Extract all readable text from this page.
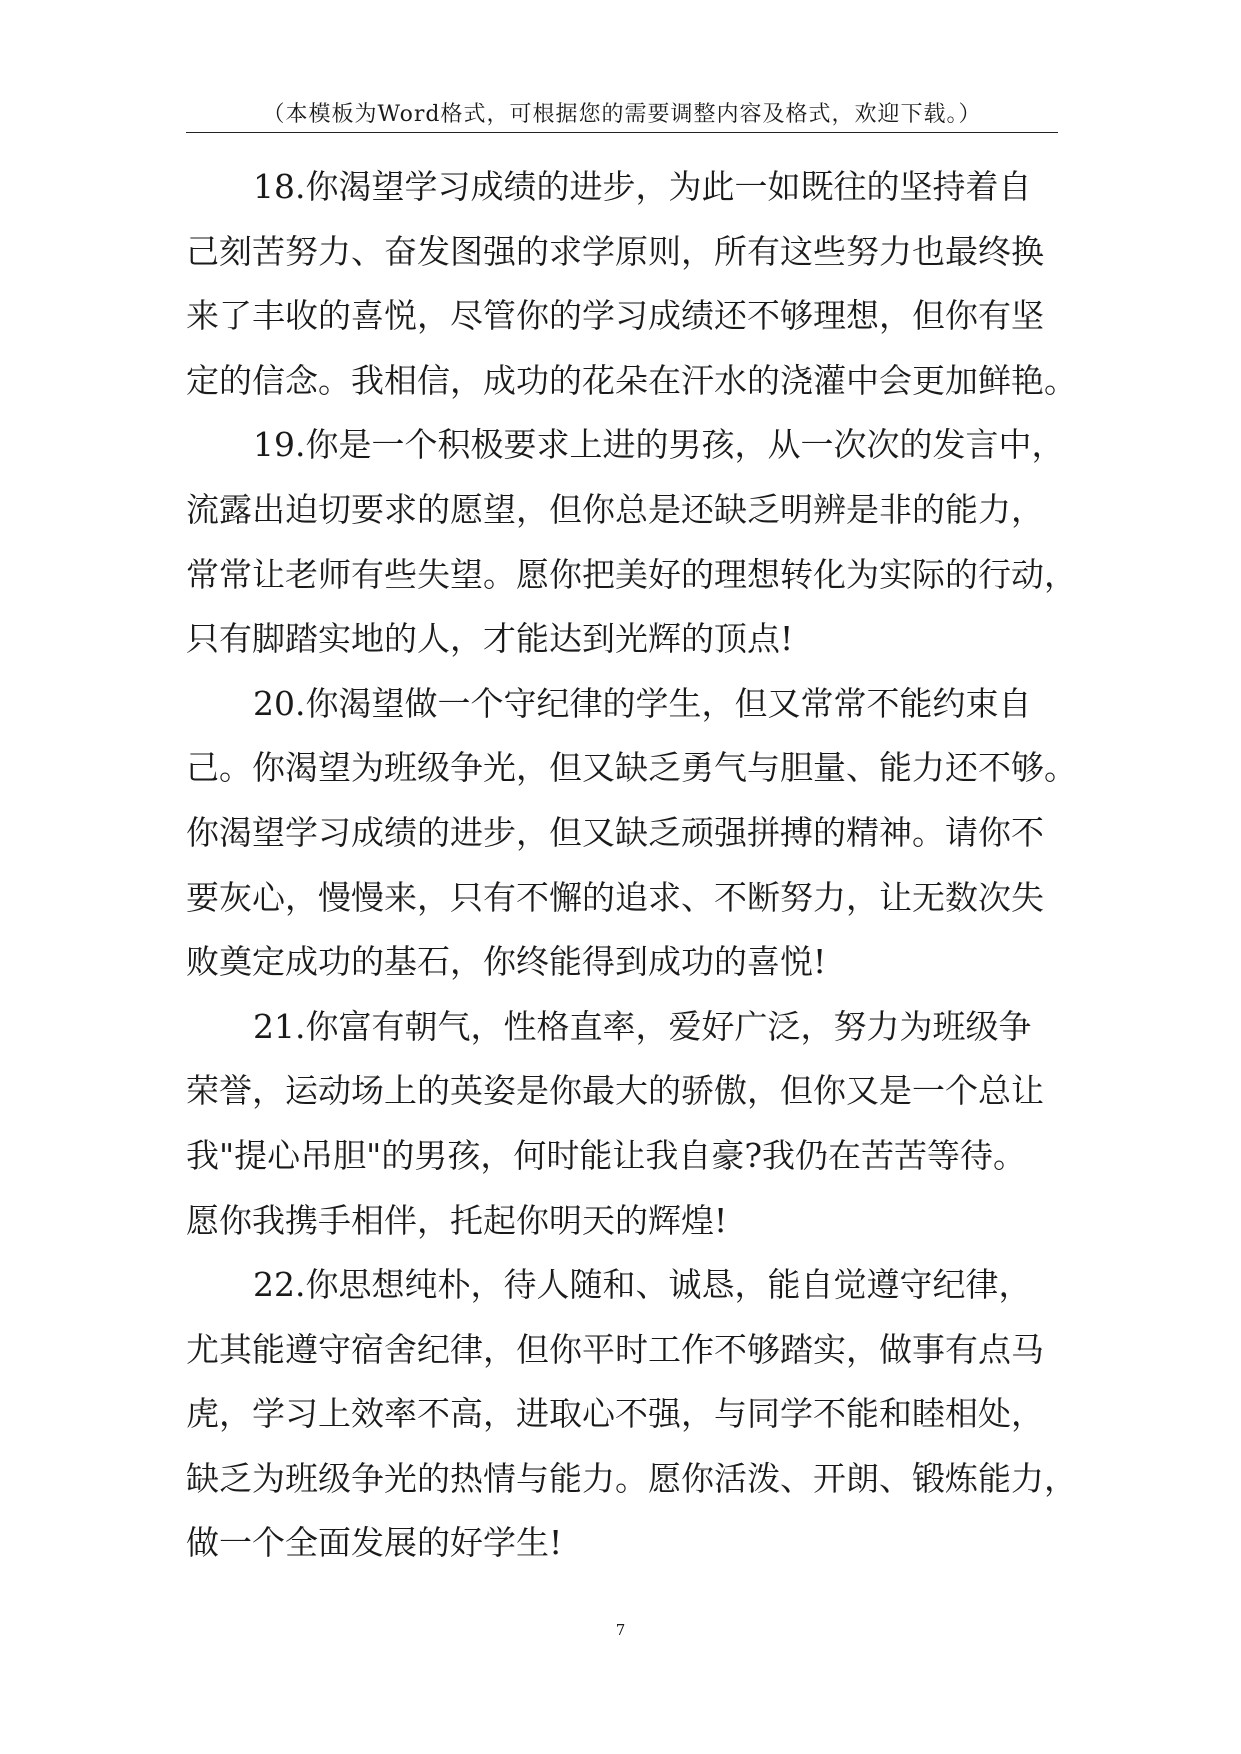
（本模板为Word格式，可根据您的需要调整内容及格式，欢迎下载。）
18.你渴望学习成绩的进步，为此一如既往的坚持着自
己刻苦努力、奋发图强的求学原则，所有这些努力也最终换
来了丰收的喜悦，尽管你的学习成绩还不够理想，但你有坚
定的信念。我相信，成功的花朵在汗水的浇灌中会更加鲜艳。
19.你是一个积极要求上进的男孩，从一次次的发言中，
流露出迫切要求的愿望，但你总是还缺乏明辨是非的能力，
常常让老师有些失望。愿你把美好的理想转化为实际的行动，
只有脚踏实地的人，才能达到光辉的顶点!
20.你渴望做一个守纪律的学生，但又常常不能约束自
己。你渴望为班级争光，但又缺乏勇气与胆量、能力还不够。
你渴望学习成绩的进步，但又缺乏顽强拼搏的精神。请你不
要灰心，慢慢来，只有不懈的追求、不断努力，让无数次失
败奠定成功的基石，你终能得到成功的喜悦!
21.你富有朝气，性格直率，爱好广泛，努力为班级争
荣誉，运动场上的英姿是你最大的骄傲，但你又是一个总让
我"提心吊胆"的男孩，何时能让我自豪?我仍在苦苦等待。
愿你我携手相伴，托起你明天的辉煌!
22.你思想纯朴，待人随和、诚恳，能自觉遵守纪律，
尤其能遵守宿舍纪律，但你平时工作不够踏实，做事有点马
虎，学习上效率不高，进取心不强，与同学不能和睦相处，
缺乏为班级争光的热情与能力。愿你活泼、开朗、锻炼能力，
做一个全面发展的好学生!
7
